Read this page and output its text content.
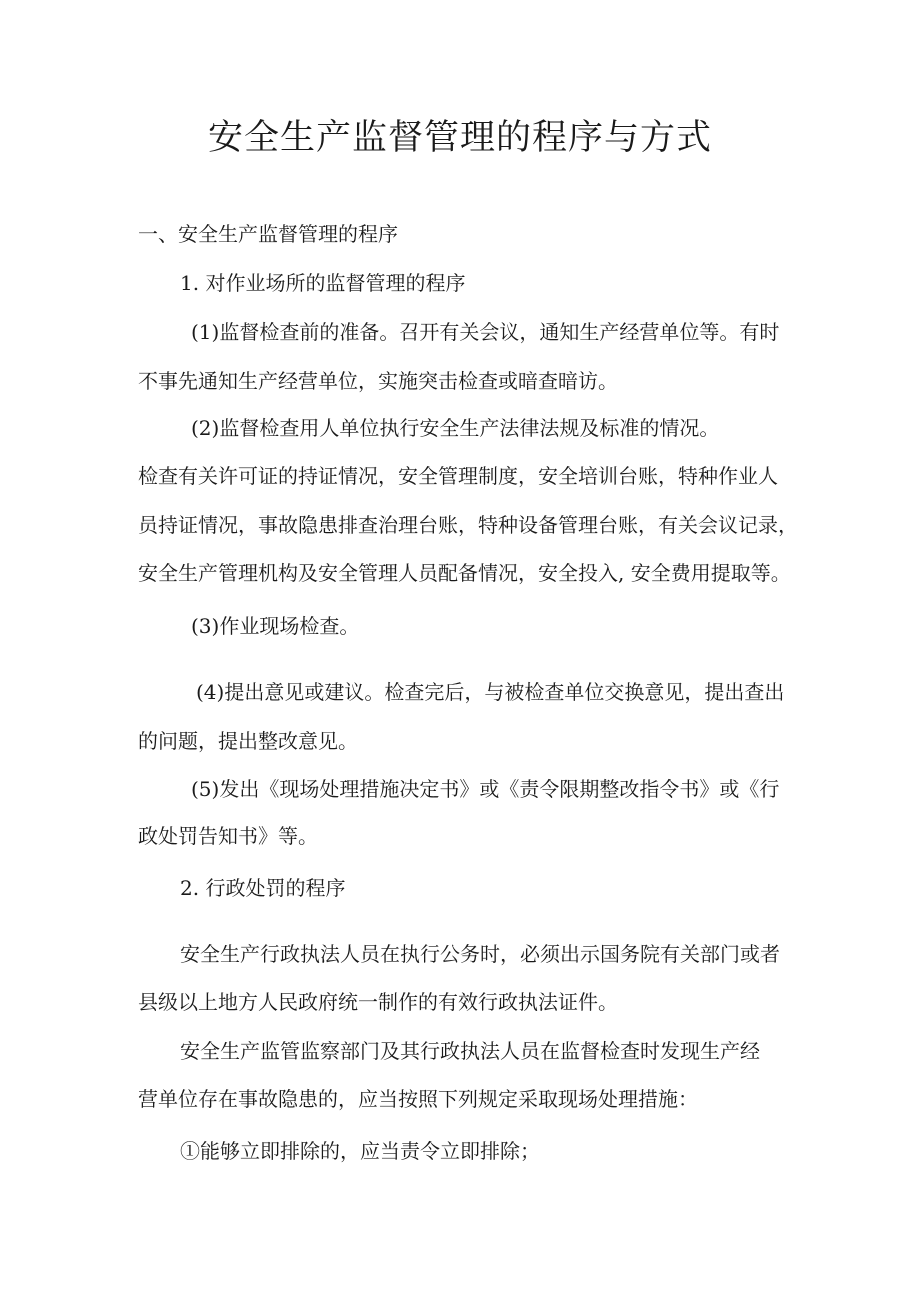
安全生产监督管理的程序与方式
一、安全生产监督管理的程序
1. 对作业场所的监督管理的程序
(1)监督检查前的准备。召开有关会议，通知生产经营单位等。有时
不事先通知生产经营单位，实施突击检查或暗查暗访。
(2)监督检查用人单位执行安全生产法律法规及标准的情况。
检查有关许可证的持证情况，安全管理制度，安全培训台账，特种作业人
员持证情况，事故隐患排查治理台账，特种设备管理台账，有关会议记录，
安全生产管理机构及安全管理人员配备情况，安全投入, 安全费用提取等。
(3)作业现场检查。
(4)提出意见或建议。检查完后，与被检查单位交换意见，提出查出
的问题，提出整改意见。
(5)发出《现场处理措施决定书》或《责令限期整改指令书》或《行
政处罚告知书》等。
2. 行政处罚的程序
安全生产行政执法人员在执行公务时，必须出示国务院有关部门或者
县级以上地方人民政府统一制作的有效行政执法证件。
安全生产监管监察部门及其行政执法人员在监督检查时发现生产经
营单位存在事故隐患的，应当按照下列规定采取现场处理措施：
①能够立即排除的，应当责令立即排除；
